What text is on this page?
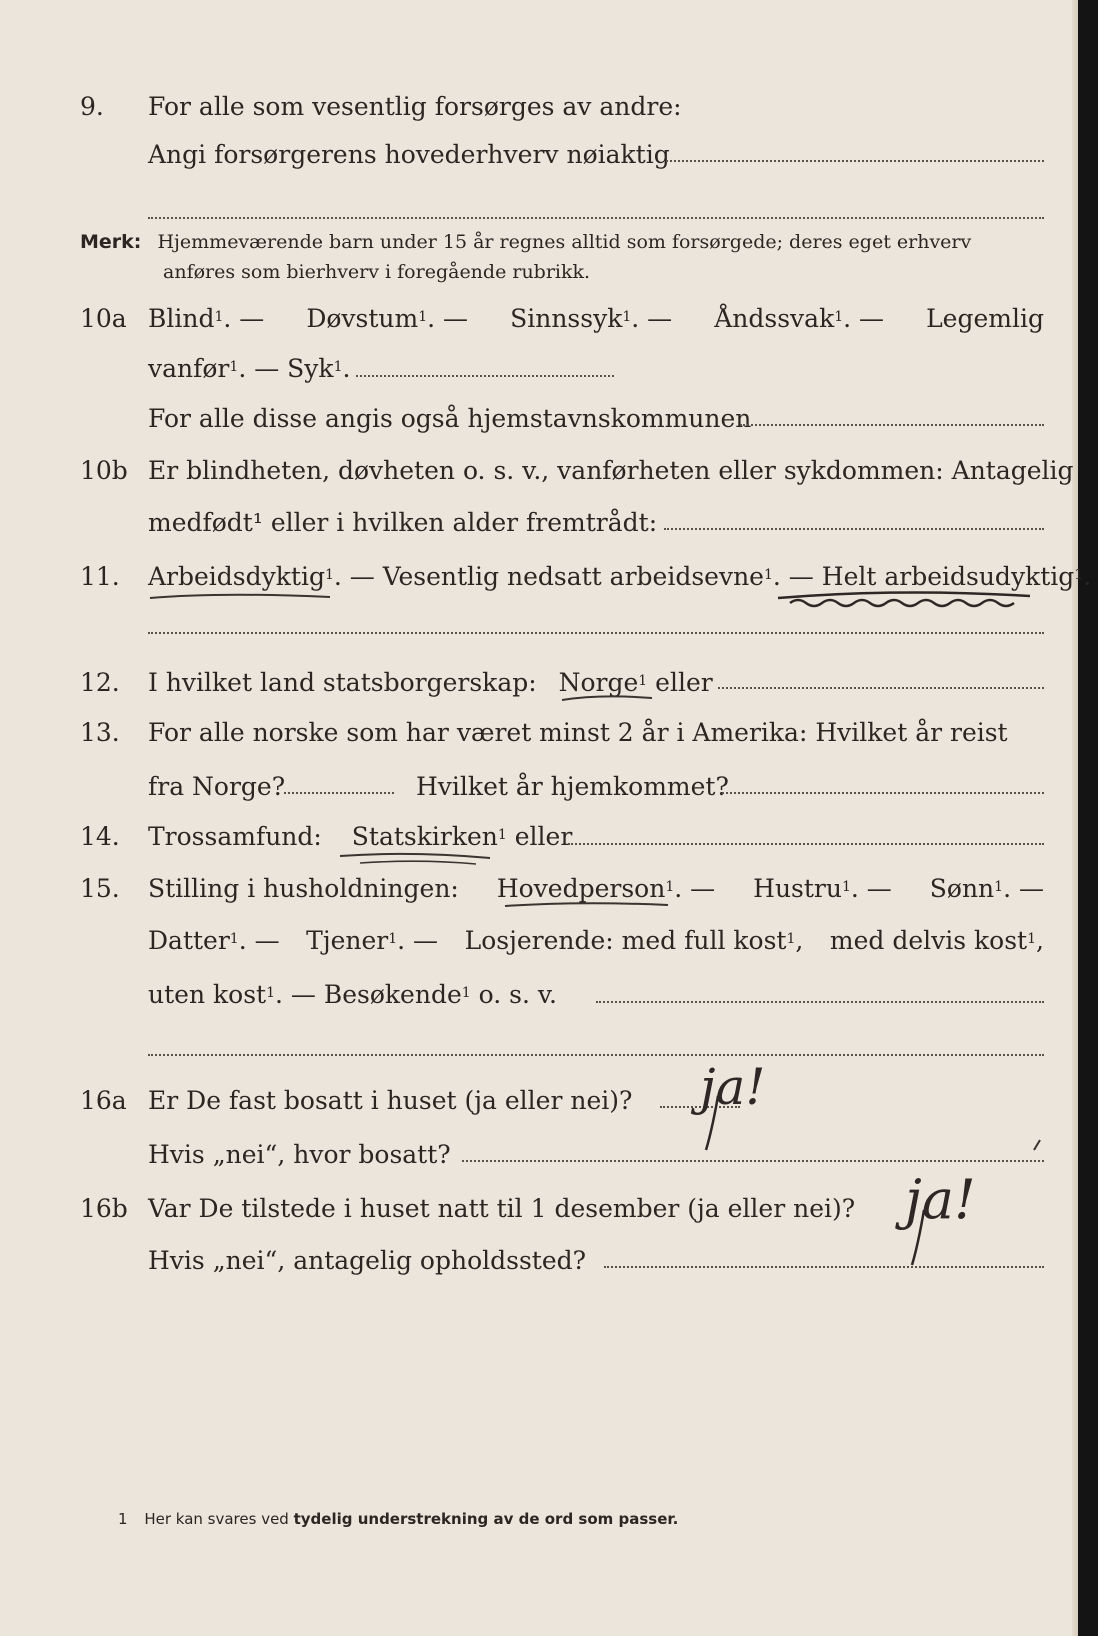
9. For alle som vesentlig forsørges av andre:
Angi forsørgerens hovederhverv nøiaktig
Merk: Hjemmeværende barn under 15 år regnes alltid som forsørgede; deres eget erhverv
anføres som bierhverv i foregående rubrikk.
10a Blind$^1$. — Døvstum$^1$. — Sinnssyk$^1$. — Åndssvak$^1$. — Legemlig
vanfør$^1$. — Syk$^1$.
For alle disse angis også hjemstavnskommunen
10b Er blindheten, døvheten o. s. v., vanførheten eller sykdommen: Antagelig
medfødt¹ eller i hvilken alder fremtrådt:
11. Arbeidsdyktig$^1$. — Vesentlig nedsatt arbeidsevne$^1$. — Helt arbeidsudyktig$^1$.
12. I hvilket land statsborgerskap: Norge$^1$ eller
13. For alle norske som har været minst 2 år i Amerika: Hvilket år reist
fra Norge?	Hvilket år hjemkommet?
14. Trossamfund: Statskirken$^1$ eller
15. Stilling i husholdningen: Hovedperson$^1$. — Hustru$^1$. — Sønn$^1$. —
Datter$^1$. — Tjener$^1$. — Losjerende: med full kost$^1$, med delvis kost$^1$,
uten kost$^1$. — Besøkende$^1$ o. s. v.
16a Er De fast bosatt i huset (ja eller nei)?
Hvis „nei“, hvor bosatt?
16b Var De tilstede i huset natt til 1 desember (ja eller nei)?
Hvis „nei“, antagelig opholdssted?
1 Her kan svares ved tydelig understrekning av de ord som passer.
ja!
ja!
